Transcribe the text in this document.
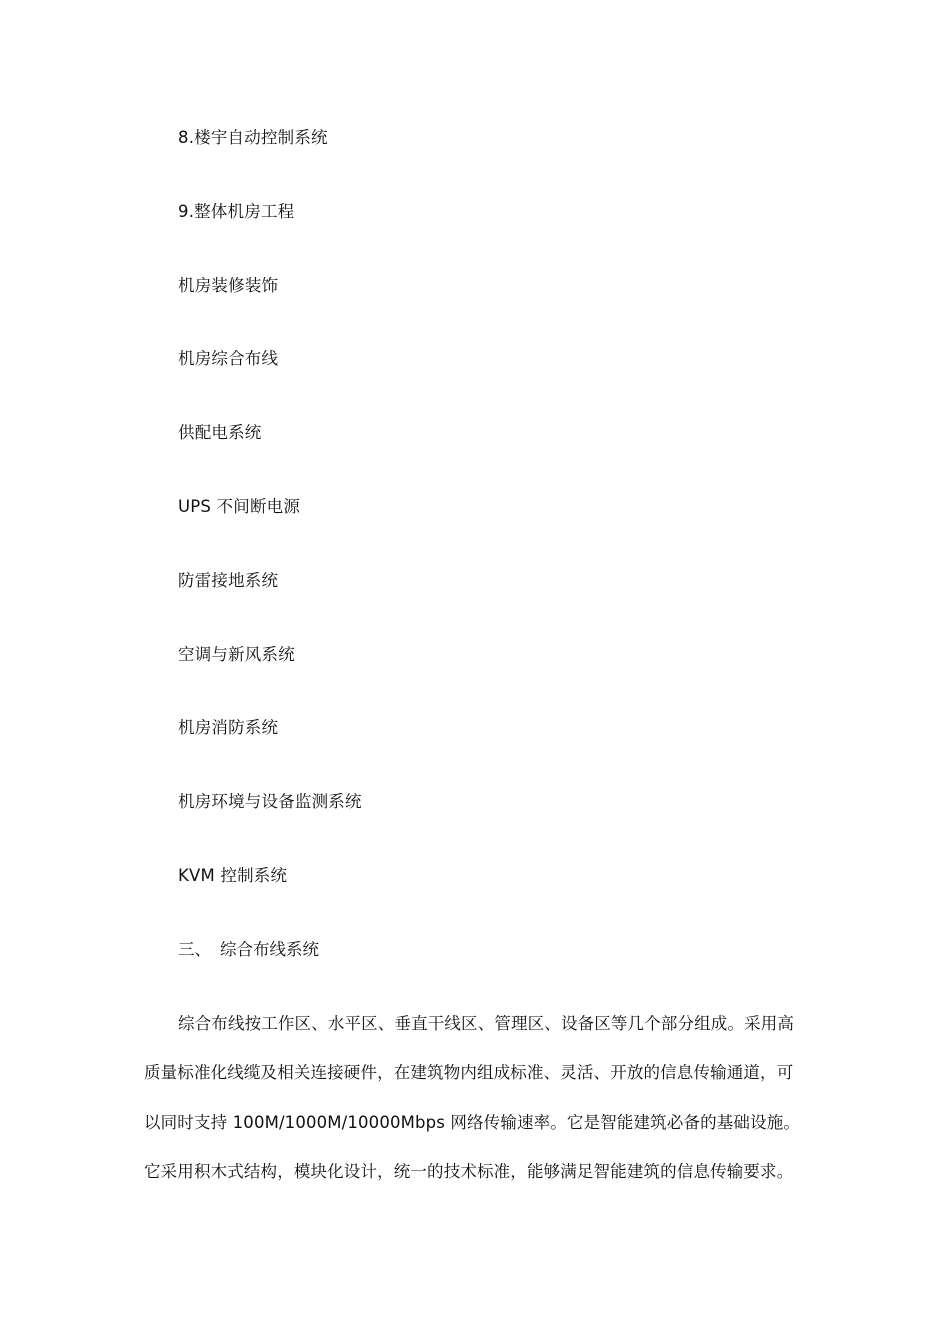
8.楼宇自动控制系统
9.整体机房工程
机房装修装饰
机房综合布线
供配电系统
UPS 不间断电源
防雷接地系统
空调与新风系统
机房消防系统
机房环境与设备监测系统
KVM 控制系统
三、 综合布线系统
综合布线按工作区、水平区、垂直干线区、管理区、设备区等几个部分组成。采用高
质量标准化线缆及相关连接硬件，在建筑物内组成标准、灵活、开放的信息传输通道，可
以同时支持 100M/1000M/10000Mbps 网络传输速率。它是智能建筑必备的基础设施。
它采用积木式结构，模块化设计，统一的技术标准，能够满足智能建筑的信息传输要求。
